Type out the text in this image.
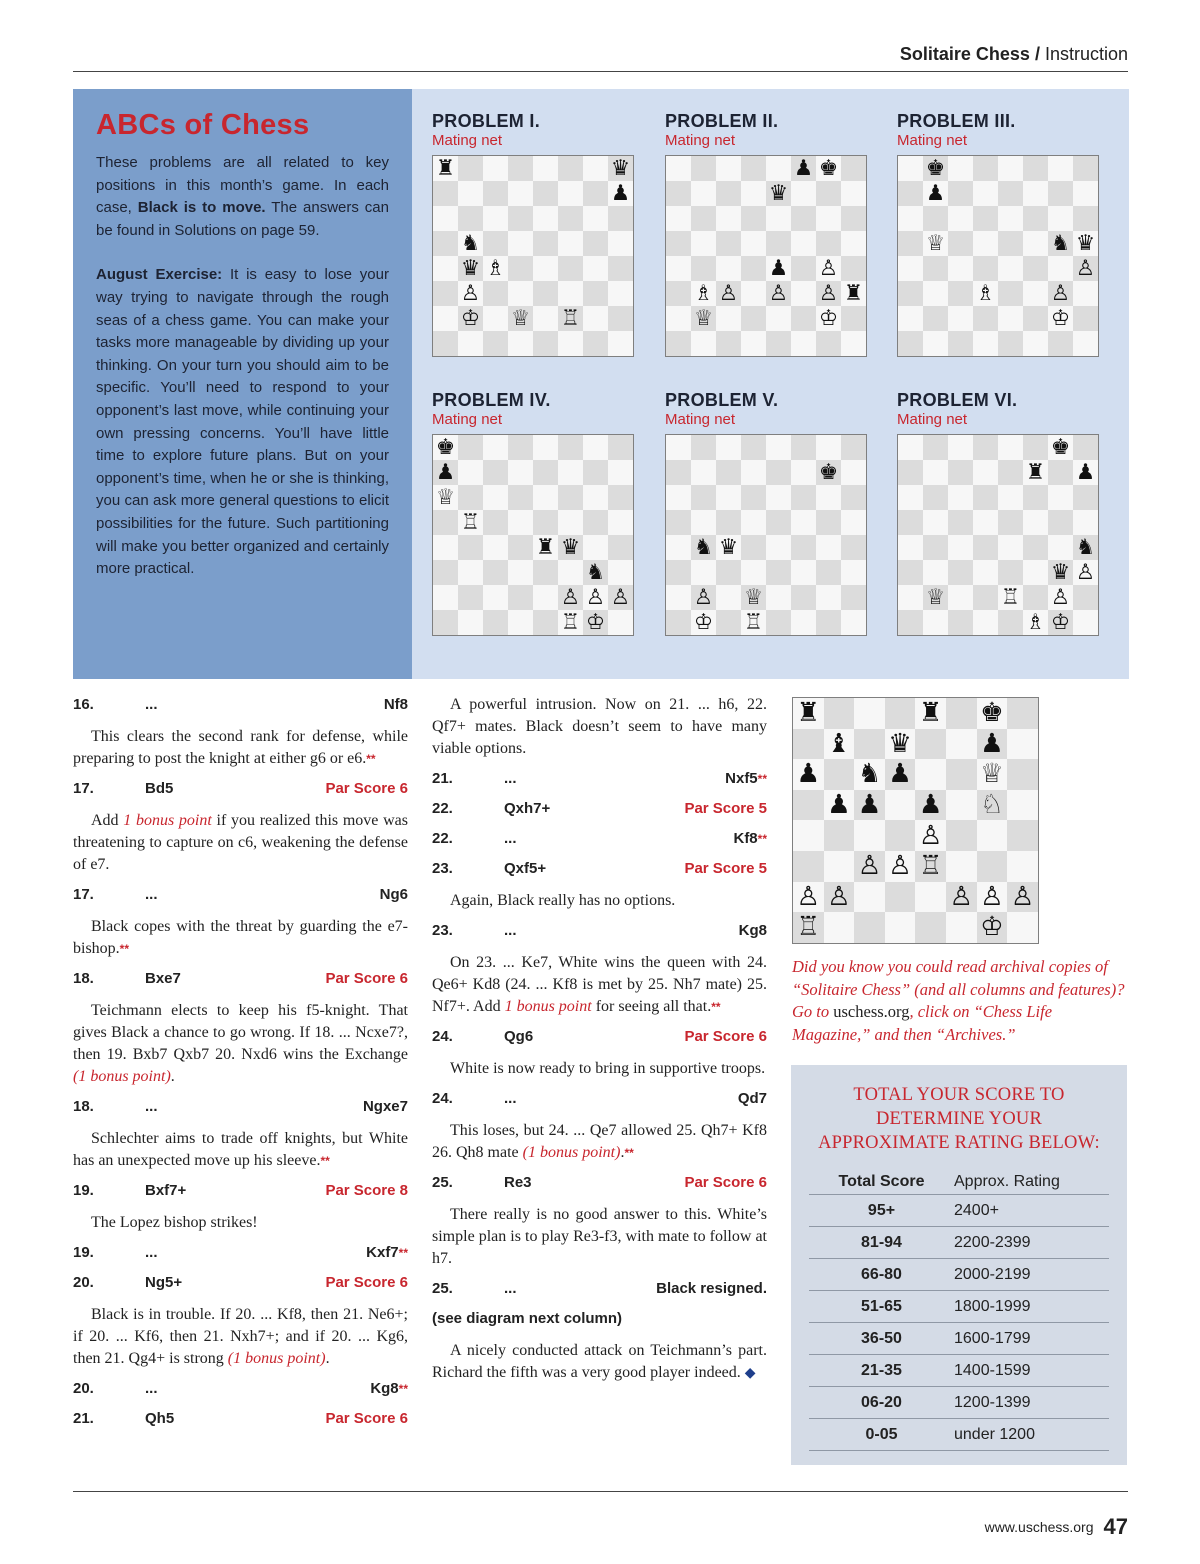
Solitaire Chess / Instruction
ABCs of Chess

These problems are all related to key positions in this month’s game. In each case, Black is to move. The answers can be found in Solutions on page 59.

August Exercise: It is easy to lose your way trying to navigate through the rough seas of a chess game. You can make your tasks more manageable by dividing up your thinking. On your turn you should aim to be specific. You’ll need to respond to your opponent’s last move, while continuing your own pressing concerns. You’ll have little time to explore future plans. But on your opponent’s time, when he or she is thinking, you can ask more general questions to elicit possibilities for the future. Such partitioning will make you better organized and certainly more practical.

PROBLEM I.
Mating net
♜	♛
♟
♞
♛ ♗
♙
♔ ♕ ♖
PROBLEM II.
Mating net
♚
♟
♛
♟ ♙
♗ ♙ ♙ ♙ ♜
♕	♔
PROBLEM III.
Mating net
♚
♟
♕	♞ ♛
♙
♗	♙
♔
PROBLEM IV.
Mating net
♚
♟
♕
♖
♜ ♛
♞
♙ ♙ ♙
♖ ♔
PROBLEM V.
Mating net
♚
♞ ♛
♙ ♕
♔ ♖
PROBLEM VI.
Mating net
♚
♜ ♟
♞
♛ ♙
♕	♖ ♙
♗ ♔
16.	...	Nf8

This clears the second rank for defense, while preparing to post the knight at either g6 or e6.**

17.	Bd5	Par Score 6

Add 1 bonus point if you realized this move was threatening to capture on c6, weakening the defense of e7.

17.	...	Ng6

Black copes with the threat by guarding the e7-bishop.**

18.	Bxe7	Par Score 6

Teichmann elects to keep his f5-knight. That gives Black a chance to go wrong. If 18. ... Ncxe7?, then 19. Bxb7 Qxb7 20. Nxd6 wins the Exchange (1 bonus point).

18.	...	Ngxe7

Schlechter aims to trade off knights, but White has an unexpected move up his sleeve.**

19.	Bxf7+	Par Score 8

The Lopez bishop strikes!

19.	...	Kxf7**
20.	Ng5+	Par Score 6

Black is in trouble. If 20. ... Kf8, then 21. Ne6+; if 20. ... Kf6, then 21. Nxh7+; and if 20. ... Kg6, then 21. Qg4+ is strong (1 bonus point).

20.	...	Kg8**
21.	Qh5	Par Score 6

A powerful intrusion. Now on 21. ... h6, 22. Qf7+ mates. Black doesn’t seem to have many viable options.

21.	...	Nxf5**
22.	Qxh7+	Par Score 5
22.	...	Kf8**
23.	Qxf5+	Par Score 5

Again, Black really has no options.

23.	...	Kg8

On 23. ... Ke7, White wins the queen with 24. Qe6+ Kd8 (24. ... Kf8 is met by 25. Nh7 mate) 25. Nf7+. Add 1 bonus point for seeing all that.**

24.	Qg6	Par Score 6

White is now ready to bring in supportive troops.

24.	...	Qd7

This loses, but 24. ... Qe7 allowed 25. Qh7+ Kf8 26. Qh8 mate (1 bonus point).**

25.	Re3	Par Score 6

There really is no good answer to this. White’s simple plan is to play Re3-f3, with mate to follow at h7.

25.	...	Black resigned.
(see diagram next column)

A nicely conducted attack on Teichmann’s part. Richard the fifth was a very good player indeed. ◆

♜	♜ ♚
♝ ♛	♟
♟ ♞ ♟	♕
♟ ♟ ♟ ♘
♙
♙ ♙ ♖
♙ ♙	♙ ♙ ♙
♖	♔
Did you know you could read archival copies of “Solitaire Chess” (and all columns and features)? Go to uschess.org, click on “Chess Life Magazine,” and then “Archives.”
TOTAL YOUR SCORE TO DETERMINE YOUR APPROXIMATE RATING BELOW:
Total Score	Approx. Rating
95+	2400+
81-94	2200-2399
66-80	2000-2199
51-65	1800-1999
36-50	1600-1799
21-35	1400-1599
06-20	1200-1399
0-05	under 1200
www.uschess.org 47
